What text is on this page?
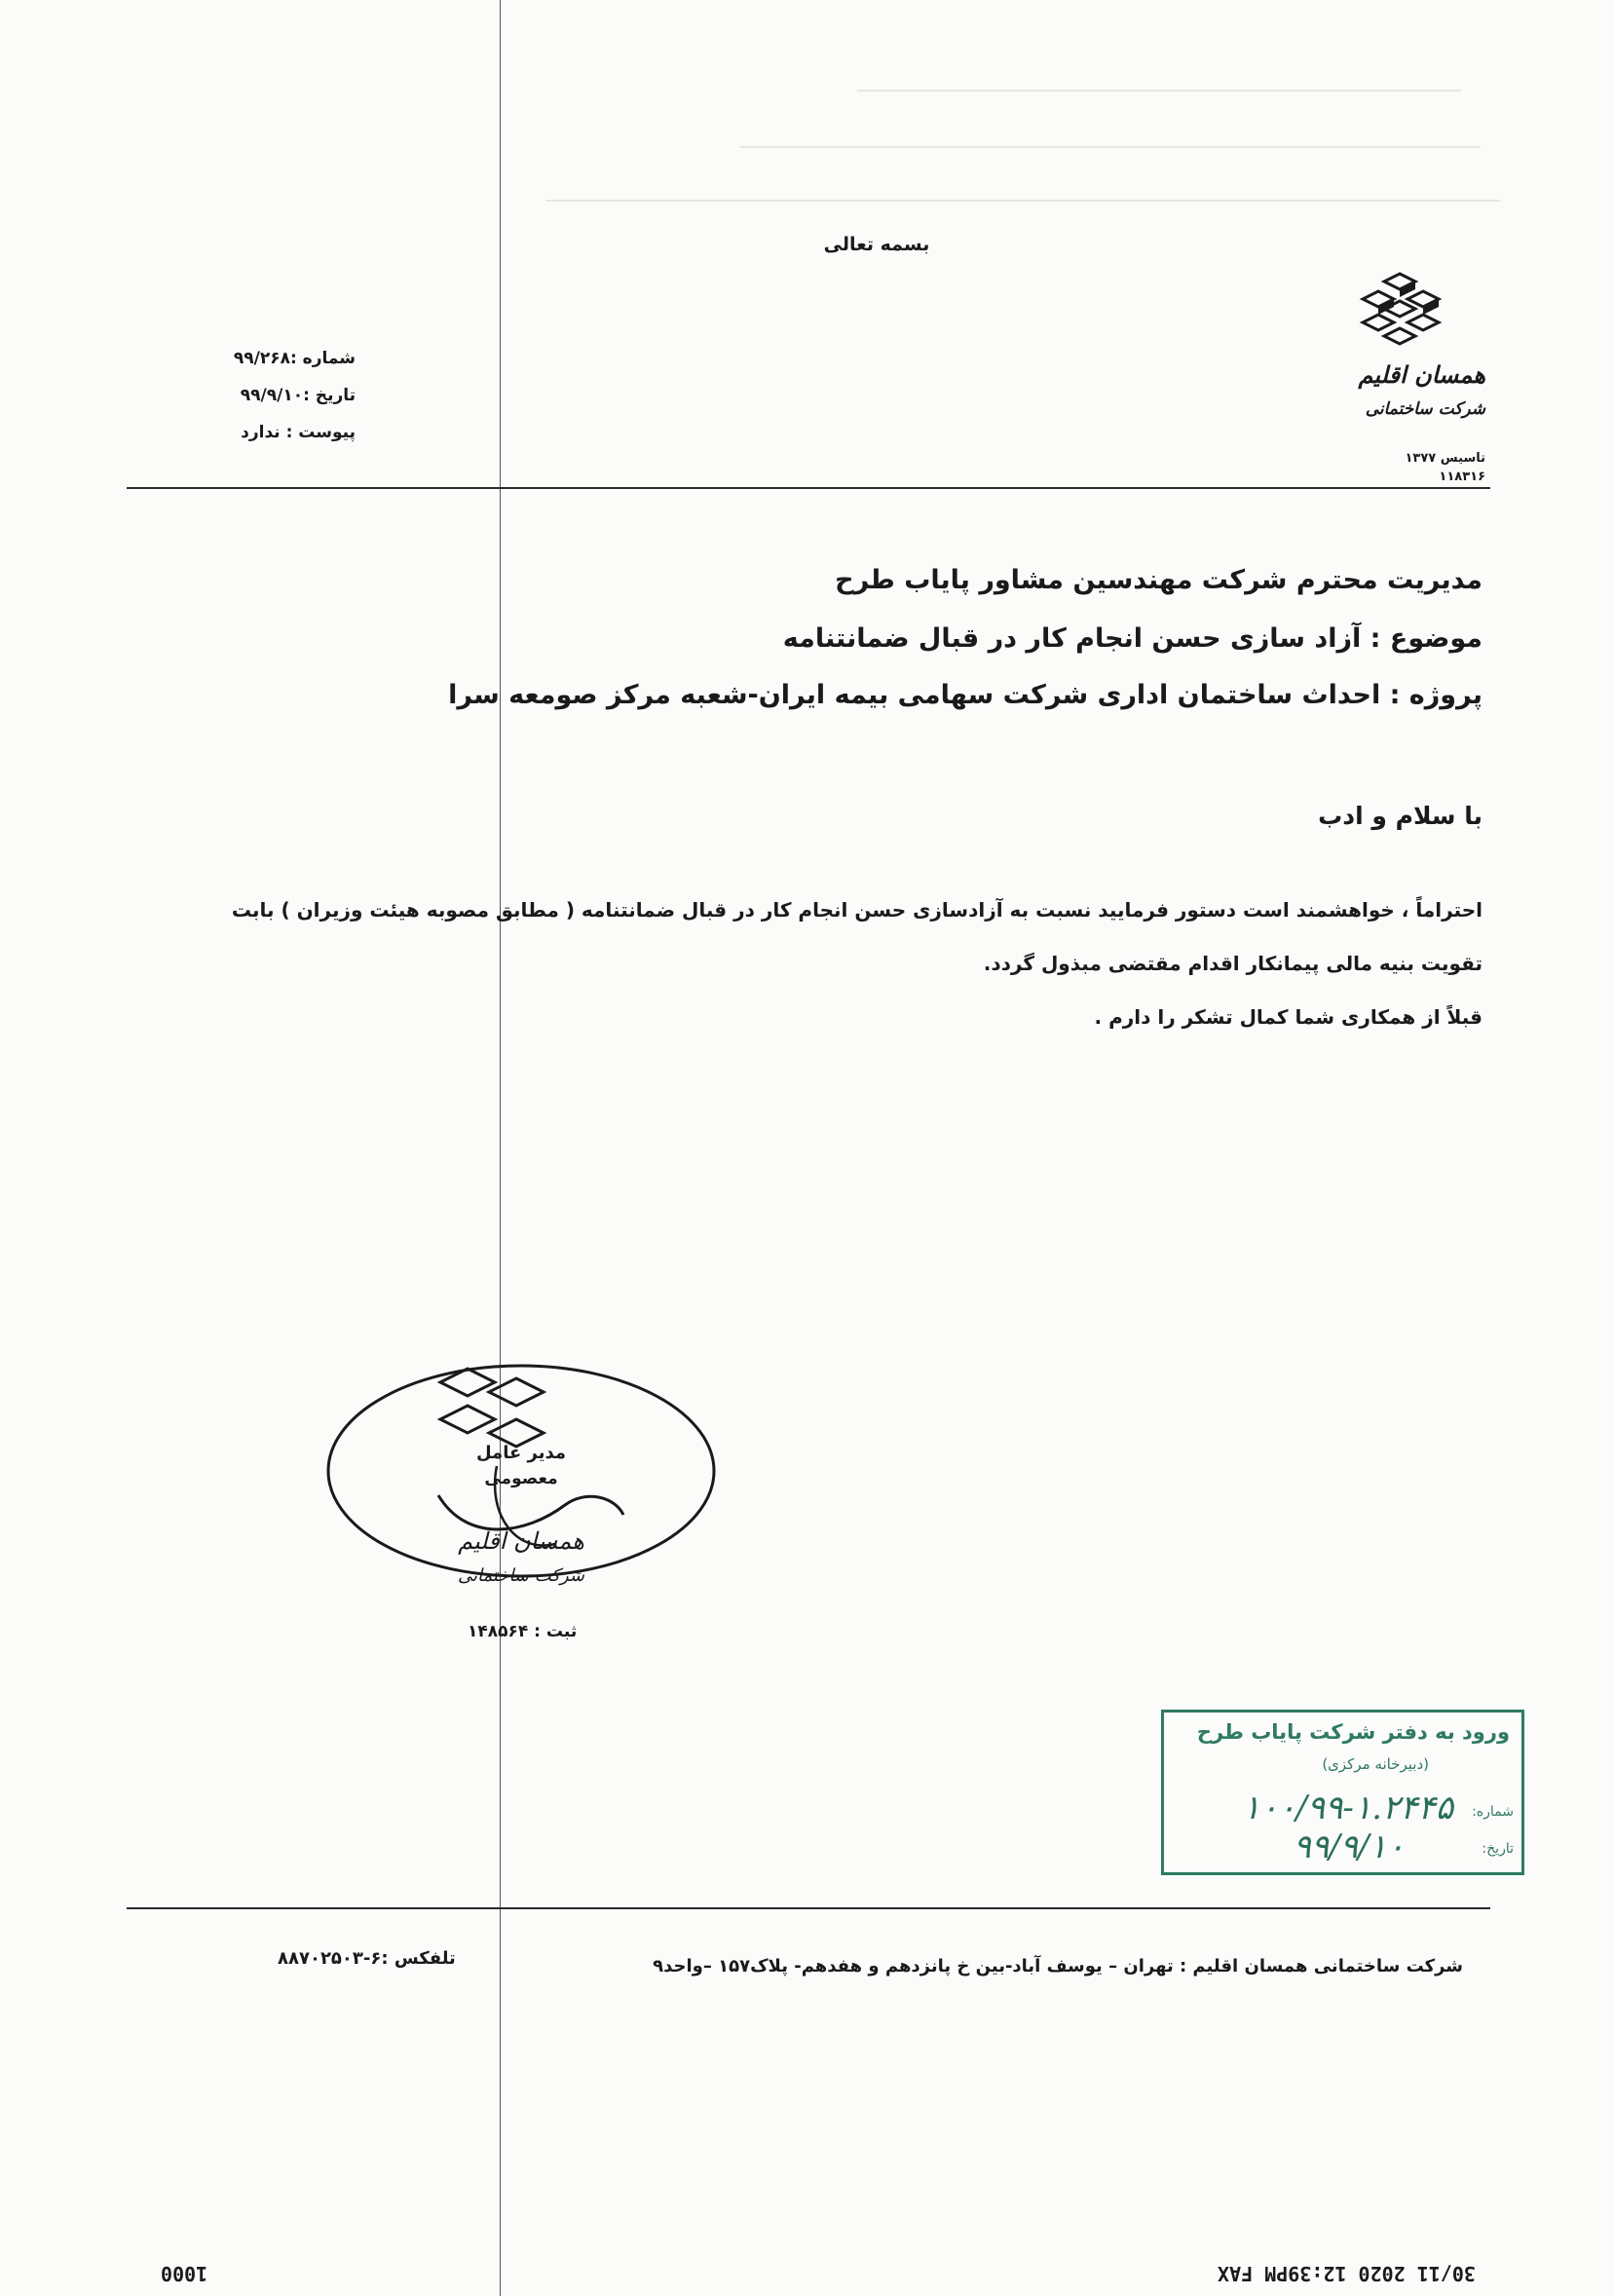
بسمه تعالی
شماره :۹۹/۲۶۸
تاریخ :۹۹/۹/۱۰
پیوست : ندارد
همسان اقلیم
شرکت ساختمانی
تاسیس ۱۳۷۷
۱۱۸۳۱۶
مدیریت محترم شرکت مهندسین مشاور پایاب طرح
موضوع : آزاد سازی حسن انجام کار در قبال ضمانتنامه
پروژه : احداث ساختمان اداری شرکت سهامی بیمه ایران-شعبه مرکز صومعه سرا
با سلام و ادب
احتراماً ، خواهشمند است دستور فرمایید نسبت به آزادسازی حسن انجام کار در قبال ضمانتنامه ( مطابق مصوبه هیئت وزیران ) بابت
تقویت بنیه مالی پیمانکار اقدام مقتضی مبذول گردد.
قبلاً از همکاری شما کمال تشکر را دارم .
همسان اقلیم
شرکت ساختمانی
مدیر عامل
معصومی
ثبت : ۱۴۸۵۶۴
ورود به دفتر شرکت پایاب طرح
(دبیرخانه مرکزی)
شماره:
تاریخ:
۱۰۰/۹۹-۱.۲۴۴۵
۹۹/۹/۱۰
شرکت ساختمانی همسان اقلیم : تهران – یوسف آباد-بین خ پانزدهم و هفدهم- پلاک۱۵۷ –واحد۹
تلفکس :۶-۸۸۷۰۲۵۰۳
30/11 2020 12:39PM FAX
1000
